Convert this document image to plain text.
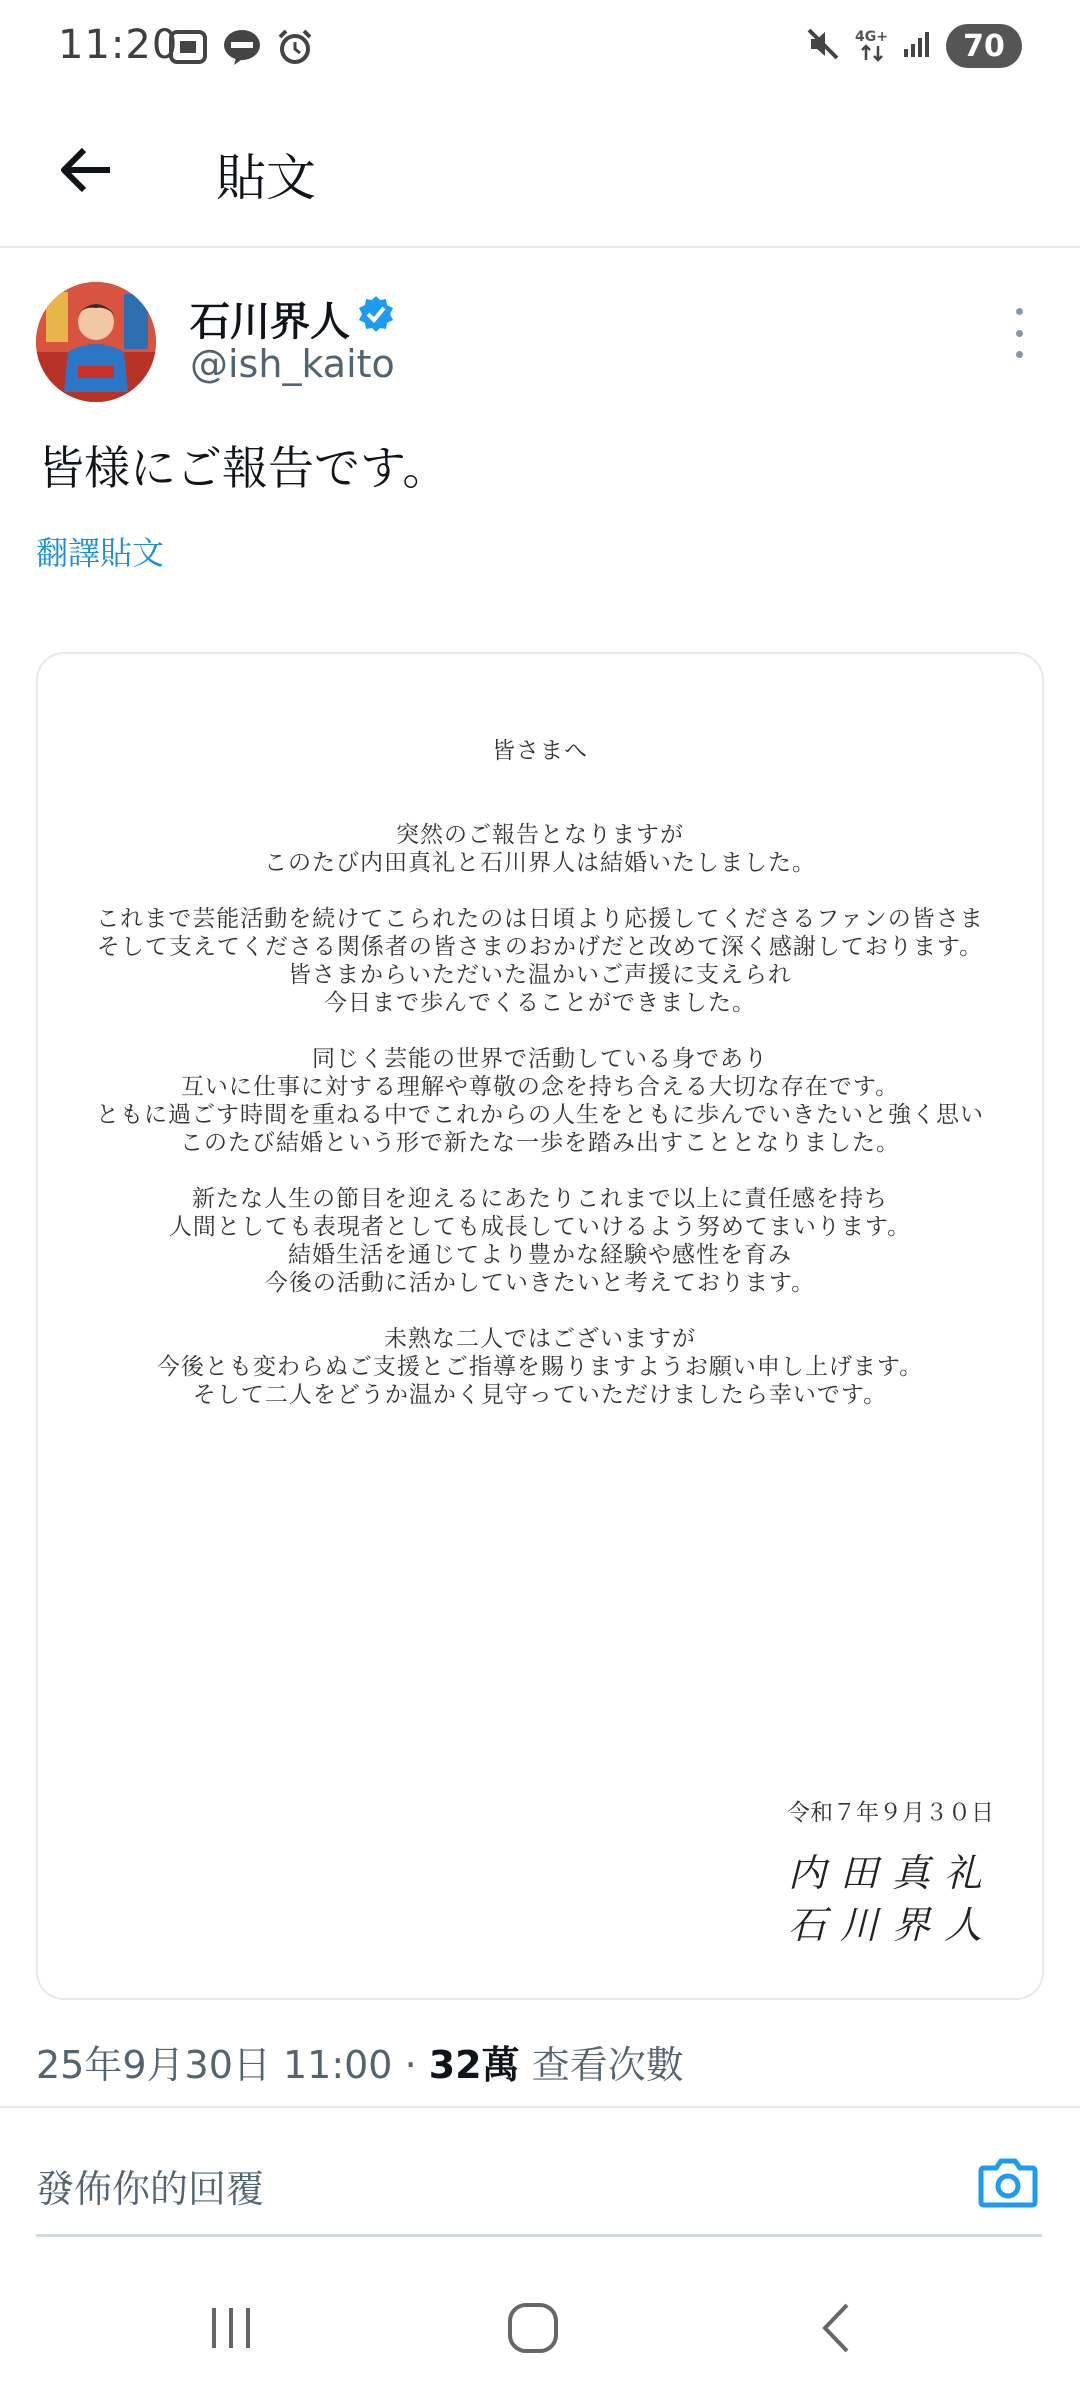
11:20	4G+	70
貼文
石川界人
@ish_kaito
皆様にご報告です。
翻譯貼文
皆さまへ
突然のご報告となりますが
このたび内田真礼と石川界人は結婚いたしました。
これまで芸能活動を続けてこられたのは日頃より応援してくださるファンの皆さま
そして支えてくださる関係者の皆さまのおかげだと改めて深く感謝しております。
皆さまからいただいた温かいご声援に支えられ
今日まで歩んでくることができました。
同じく芸能の世界で活動している身であり
互いに仕事に対する理解や尊敬の念を持ち合える大切な存在です。
ともに過ごす時間を重ねる中でこれからの人生をともに歩んでいきたいと強く思い
このたび結婚という形で新たな一歩を踏み出すこととなりました。
新たな人生の節目を迎えるにあたりこれまで以上に責任感を持ち
人間としても表現者としても成長していけるよう努めてまいります。
結婚生活を通じてより豊かな経験や感性を育み
今後の活動に活かしていきたいと考えております。
未熟な二人ではございますが
今後とも変わらぬご支援とご指導を賜りますようお願い申し上げます。
そして二人をどうか温かく見守っていただけましたら幸いです。
令和７年９月３０日
内田真礼
石川界人
25年9月30日 11:00 · 32萬 查看次數
發佈你的回覆
